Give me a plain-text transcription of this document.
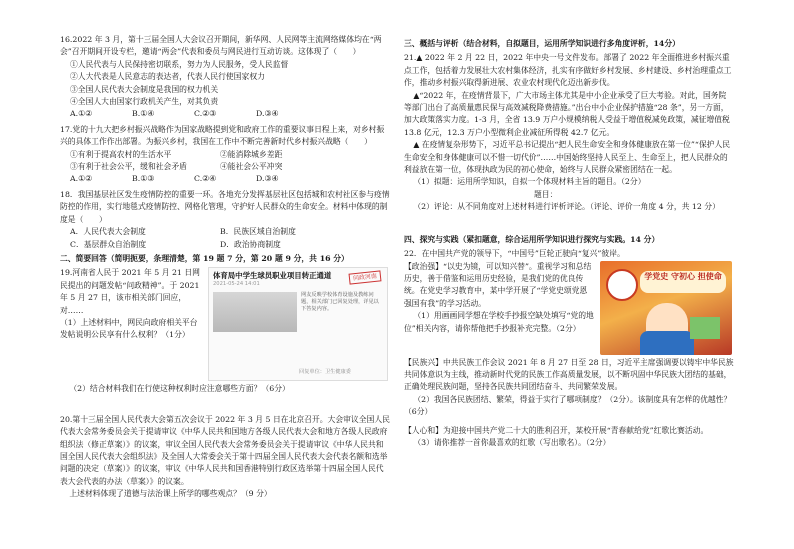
16.2022 年 3 月，第十三届全国人大会议召开期间，新华网、人民网等主流网络媒体均在“两会”召开期间开设专栏，邀请“两会”代表和委员与网民进行互动访谈。这体现了（　　）

①人民代表与人民保持密切联系，努力为人民服务，受人民监督

②人大代表是人民意志的表达者，代表人民行使国家权力

③全国人民代表大会制度是我国的权力机关

④全国人大由国家行政机关产生，对其负责

A.①②	B.①④	C.②③	D.③④

17.党的十九大把乡村振兴战略作为国家战略提到党和政府工作的重要议事日程上来，对乡村振兴的具体工作作出部署。为振兴乡村，我国在工作中不断完善新时代乡村振兴战略（　　）

①有利于提高农村的生活水平	②能消除城乡差距
③有利于社会公平，缓和社会矛盾	④能社会公平冲突
A.①②	B.①③	C.②④	D.③④

18．我国基层社区发生疫情防控的重要一环。各地充分发挥基层社区包括城和农村社区参与疫情防控的作用，实行地毯式疫情防控、网格化管理，守护好人民群众的生命安全。材料中体现的制度是（　　）

A．人民代表大会制度	B．民族区域自治制度
C．基层群众自治制度	D．政治协商制度

二、简要回答（简明扼要，条理清楚，第 19 题 7 分，第 20 题 9 分，共 16 分）

19.河南省人民于 2021 年 5 月 21 日网民提出的问题发帖“问政精神”。于 2021 年 5 月 27 日，该市相关部门回应，对……

（1）上述材料中，网民向政府相关平台发帖说明公民享有什么权利？（1分）

体育局中学生球员职业项目转正通道
2021-05-24 14:01
问政河南
网友反映学校体育设施及教练问题，相关部门已回复处理，详见以下答复内容。
回复单位：卫生健康委

（2）结合材料我们在行使这种权利时应注意哪些方面？（6分）

20.第十三届全国人民代表大会第五次会议于 2022 年 3 月 5 日在北京召开。大会审议全国人民代表大会常务委员会关于提请审议《中华人民共和国地方各级人民代表大会和地方各级人民政府组织法（修正草案）》的议案，审议全国人民代表大会常务委员会关于提请审议《中华人民共和国全国人民代表大会组织法》及全国人大常委会关于第十四届全国人民代表大会代表名额和选举问题的决定（草案）》的议案，审议《中华人民共和国香港特别行政区选举第十四届全国人民代表大会代表的办法（草案）》的议案。

上述材料体现了道德与法治课上所学的哪些观点？（9 分）

三、概括与评析（结合材料，自拟题目，运用所学知识进行多角度评析，14分）

21.▲ 2022 年 2 月 22 日，2022 年中央一号文件发布。部署了 2022 年全面推进乡村振兴重点工作，包括着力发展壮大农村集体经济，扎实有序做好乡村发展、乡村建设、乡村治理重点工作，推动乡村振兴取得新进展、农业农村现代化迈出新步伐。

▲“2022 年，在疫情背景下，广大市场主体尤其是中小企业承受了巨大考验。对此，国务院等部门出台了高质量惠民保与高效减税降费措施。”出台中小企业保护措施“28 条”，另一方面，加大政策落实力度。1-3 月，全省 13.9 万户小规模纳税人受益于增值税减免政策，减征增值税 13.8 亿元，12.3 万户小型微利企业减征所得税 42.7 亿元。

▲ 在疫情复杂形势下，习近平总书记提出“把人民生命安全和身体健康放在第一位”“保护人民生命安全和身体健康可以不惜一切代价”……中国始终坚持人民至上、生命至上，把人民群众的利益放在第一位，体现执政为民的初心使命，始终与人民群众紧密团结在一起。

（1）拟题：运用所学知识，自拟一个体现材料主旨的题目。（2分）

题目：

（2）评论：从不同角度对上述材料进行评析评论。（评论、评价一角度 4 分，共 12 分）

四、探究与实践（紧扣题意，综合运用所学知识进行探究与实践。14 分）

22．在中国共产党的领导下，“中国号”巨轮正驶向“复兴”彼岸。

【政治强】“以史为镜，可以知兴替”。重视学习和总结历史，善于借鉴和运用历史经验，是我们党的优良传统。在党史学习教育中，某中学开展了“学党史颂党恩 强国有我”的学习活动。

（1）用画画同学想在学校手抄报空缺处填写“党的地位”相关内容，请你帮他把手抄报补充完整。（2分）

学党史 守初心 担使命

【民族兴】中共民族工作会议 2021 年 8 月 27 日至 28 日，习近平主席强调要以铸牢中华民族共同体意识为主线，推动新时代党的民族工作高质量发展，以不断巩固中华民族大团结的基础，正确处理民族问题，坚持各民族共同团结奋斗、共同繁荣发展。

（2）我国各民族团结、繁荣，得益于实行了哪项制度？（2分）。该制度具有怎样的优越性？（6分）

【人心和】为迎接中国共产党二十大的胜利召开，某校开展“青春献给党”红歌比赛活动。

（3）请你推荐一首你最喜欢的红歌（写出歌名）。（2分）
